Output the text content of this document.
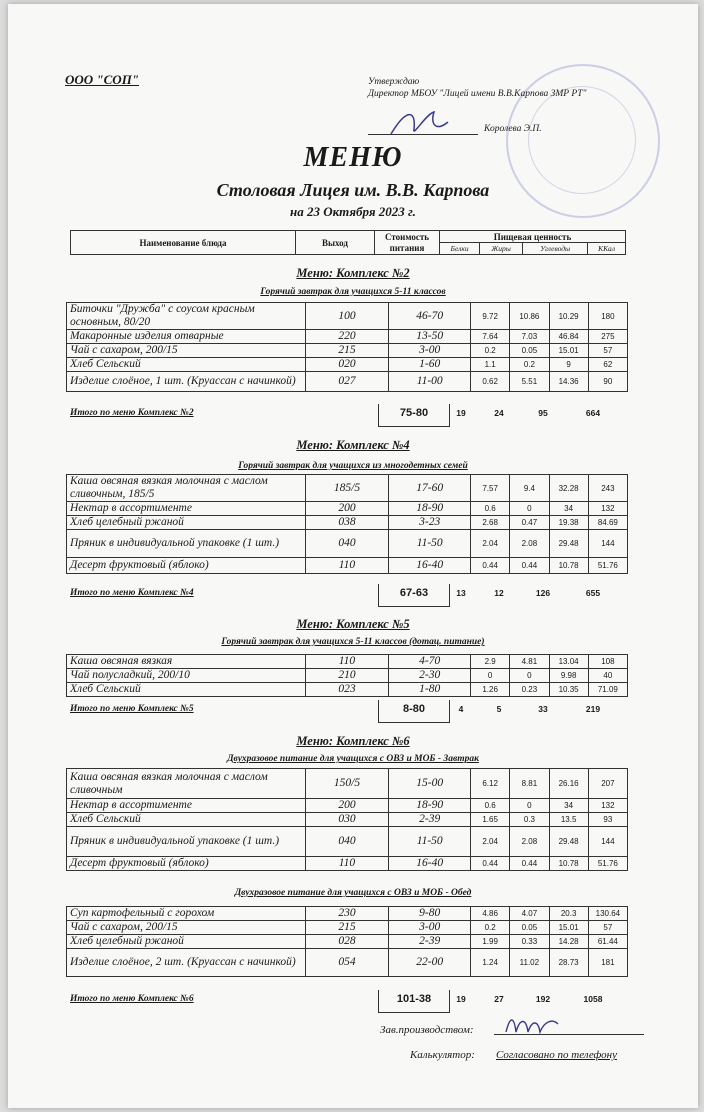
ООО "СОП"	Утверждаю
Директор МБОУ "Лицей имени В.В.Карпова ЗМР РТ"
Королева Э.П.
МЕНЮ
Столовая Лицея им. В.В. Карпова
на 23 Октября 2023 г.
Наименование блюда	Выход	Стоимость
питания	Пищевая ценность			
			Белки	Жиры	Углеводы	ККал
Меню: Комплекс №2
Горячий завтрак для учащихся 5-11 классов
Биточки "Дружба" с соусом красным основным, 80/20	100	46-70	9.72	10.86	10.29	180
Макаронные изделия отварные	220	13-50	7.64	7.03	46.84	275
Чай с сахаром, 200/15	215	3-00	0.2	0.05	15.01	57
Хлеб Сельский	020	1-60	1.1	0.2	9	62
Изделие слоёное, 1 шт. (Круассан с начинкой)	027	11-00	0.62	5.51	14.36	90
Итого по меню Комплекс №2	75-80	19	24	95	664
Меню: Комплекс №4
Горячий завтрак для учащихся из многодетных семей
Каша овсяная вязкая молочная с маслом сливочным, 185/5	185/5	17-60	7.57	9.4	32.28	243
Нектар в ассортименте	200	18-90	0.6	0	34	132
Хлеб целебный ржаной	038	3-23	2.68	0.47	19.38	84.69
Пряник в индивидуальной упаковке (1 шт.)	040	11-50	2.04	2.08	29.48	144
Десерт фруктовый (яблоко)	110	16-40	0.44	0.44	10.78	51.76
Итого по меню Комплекс №4	67-63	13	12	126	655
Меню: Комплекс №5
Горячий завтрак для учащихся 5-11 классов (дотац. питание)
Каша овсяная вязкая	110	4-70	2.9	4.81	13.04	108
Чай полусладкий, 200/10	210	2-30	0	0	9.98	40
Хлеб Сельский	023	1-80	1.26	0.23	10.35	71.09
Итого по меню Комплекс №5	8-80	4	5	33	219
Меню: Комплекс №6
Двухразовое питание для учащихся с ОВЗ и МОБ - Завтрак
Каша овсяная вязкая молочная с маслом сливочным	150/5	15-00	6.12	8.81	26.16	207
Нектар в ассортименте	200	18-90	0.6	0	34	132
Хлеб Сельский	030	2-39	1.65	0.3	13.5	93
Пряник в индивидуальной упаковке (1 шт.)	040	11-50	2.04	2.08	29.48	144
Десерт фруктовый (яблоко)	110	16-40	0.44	0.44	10.78	51.76
Двухразовое питание для учащихся с ОВЗ и МОБ - Обед
Суп картофельный с горохом	230	9-80	4.86	4.07	20.3	130.64
Чай с сахаром, 200/15	215	3-00	0.2	0.05	15.01	57
Хлеб целебный ржаной	028	2-39	1.99	0.33	14.28	61.44
Изделие слоёное, 2 шт. (Круассан с начинкой)	054	22-00	1.24	11.02	28.73	181
Итого по меню Комплекс №6	101-38	19	27	192	1058
Зав.производством:
Калькулятор: Согласовано по телефону
